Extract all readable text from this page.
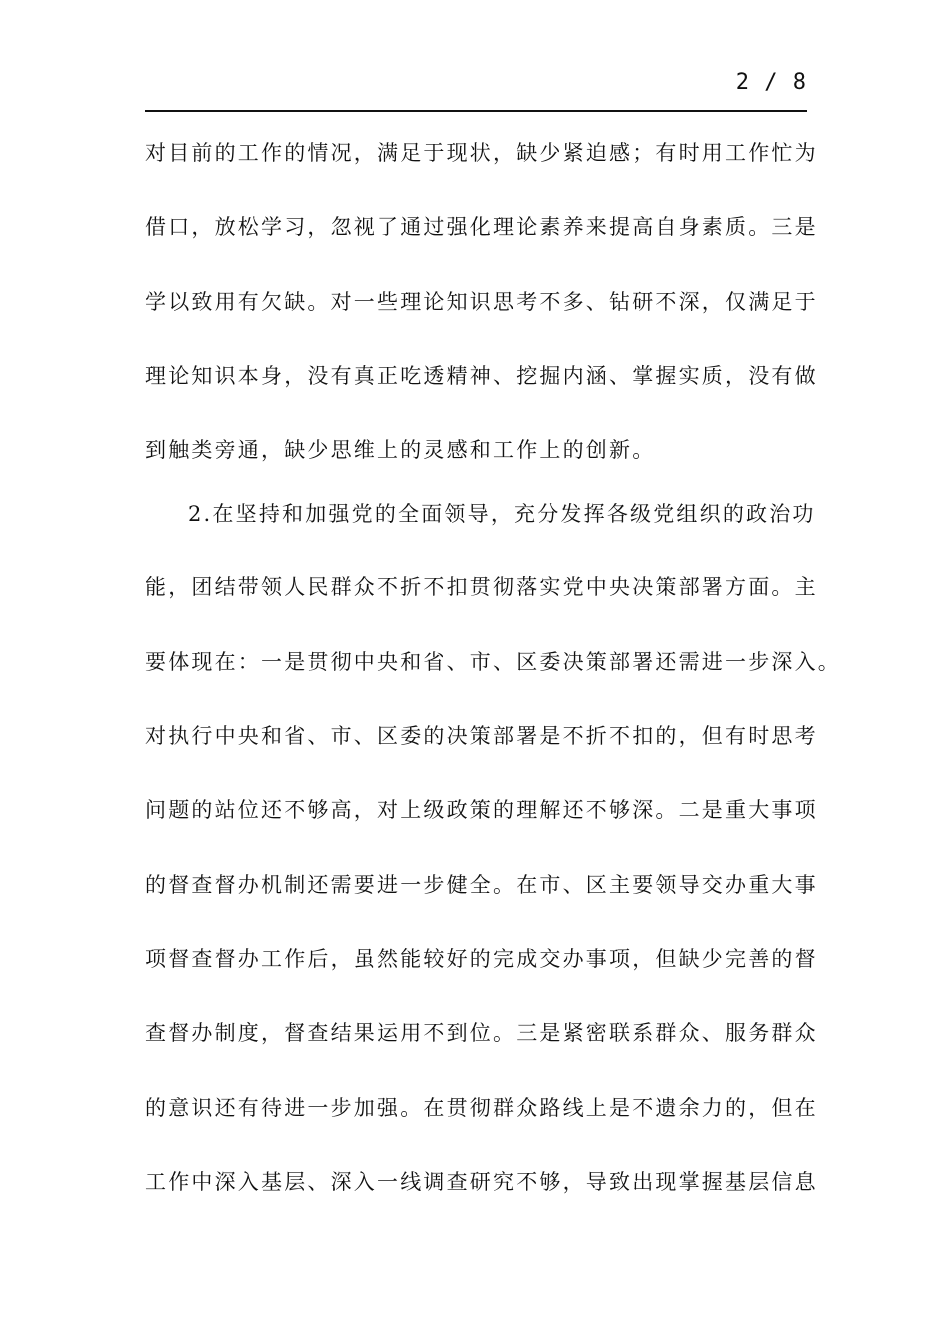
2 / 8
对目前的工作的情况，满足于现状，缺少紧迫感；有时用工作忙为
借口，放松学习，忽视了通过强化理论素养来提高自身素质。三是
学以致用有欠缺。对一些理论知识思考不多、钻研不深，仅满足于
理论知识本身，没有真正吃透精神、挖掘内涵、掌握实质，没有做
到触类旁通，缺少思维上的灵感和工作上的创新。
2.在坚持和加强党的全面领导，充分发挥各级党组织的政治功
能，团结带领人民群众不折不扣贯彻落实党中央决策部署方面。主
要体现在：一是贯彻中央和省、市、区委决策部署还需进一步深入。
对执行中央和省、市、区委的决策部署是不折不扣的，但有时思考
问题的站位还不够高，对上级政策的理解还不够深。二是重大事项
的督查督办机制还需要进一步健全。在市、区主要领导交办重大事
项督查督办工作后，虽然能较好的完成交办事项，但缺少完善的督
查督办制度，督查结果运用不到位。三是紧密联系群众、服务群众
的意识还有待进一步加强。在贯彻群众路线上是不遗余力的，但在
工作中深入基层、深入一线调查研究不够，导致出现掌握基层信息
